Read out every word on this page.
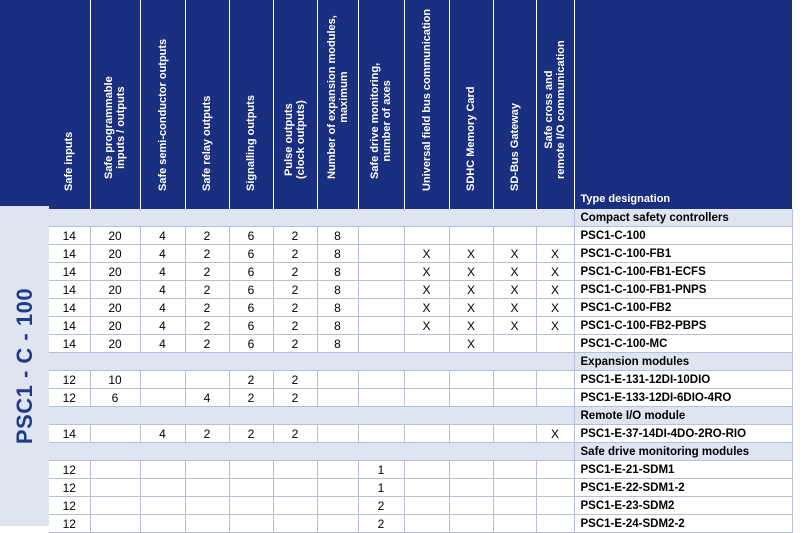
PSC1 - C - 100
Safe inputs	Safe programmable
inputs / outputs	Safe semi-conductor outputs	Safe relay outputs	Signalling outputs	Pulse outputs
(clock outputs)	Number of expansion modules,
maximum	Safe drive monitoring,
number of axes	Universal field bus communication	SDHC Memory Card	SD-Bus Gateway	Safe cross and
remote I/O communication	Type designation
												Compact safety controllers
14	20	4	2	6	2	8						PSC1-C-100
14	20	4	2	6	2	8		X	X	X	X	PSC1-C-100-FB1
14	20	4	2	6	2	8		X	X	X	X	PSC1-C-100-FB1-ECFS
14	20	4	2	6	2	8		X	X	X	X	PSC1-C-100-FB1-PNPS
14	20	4	2	6	2	8		X	X	X	X	PSC1-C-100-FB2
14	20	4	2	6	2	8		X	X	X	X	PSC1-C-100-FB2-PBPS
14	20	4	2	6	2	8			X			PSC1-C-100-MC
												Expansion modules
12	10			2	2							PSC1-E-131-12DI-10DIO
12	6		4	2	2							PSC1-E-133-12DI-6DIO-4RO
												Remote I/O module
14		4	2	2	2						X	PSC1-E-37-14DI-4DO-2RO-RIO
												Safe drive monitoring modules
12							1					PSC1-E-21-SDM1
12							1					PSC1-E-22-SDM1-2
12							2					PSC1-E-23-SDM2
12							2					PSC1-E-24-SDM2-2
